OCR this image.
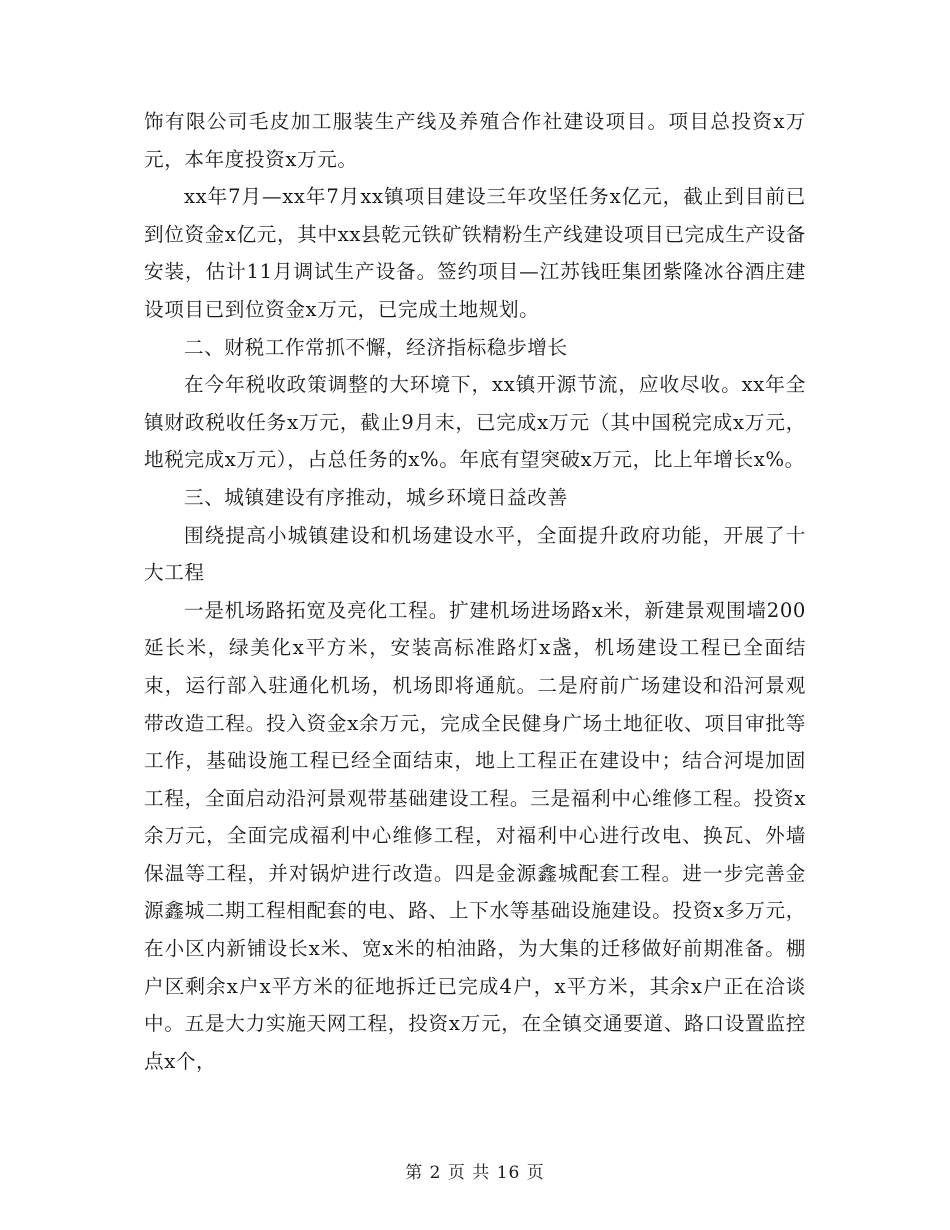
饰有限公司毛皮加工服装生产线及养殖合作社建设项目。项目总投资x万元，本年度投资x万元。

xx年7月—xx年7月xx镇项目建设三年攻坚任务x亿元，截止到目前已到位资金x亿元，其中xx县乾元铁矿铁精粉生产线建设项目已完成生产设备安装，估计11月调试生产设备。签约项目—江苏钱旺集团紫隆冰谷酒庄建设项目已到位资金x万元，已完成土地规划。

二、财税工作常抓不懈，经济指标稳步增长

在今年税收政策调整的大环境下，xx镇开源节流，应收尽收。xx年全镇财政税收任务x万元，截止9月末，已完成x万元（其中国税完成x万元，地税完成x万元），占总任务的x%。年底有望突破x万元，比上年增长x%。

三、城镇建设有序推动，城乡环境日益改善

围绕提高小城镇建设和机场建设水平，全面提升政府功能，开展了十大工程

一是机场路拓宽及亮化工程。扩建机场进场路x米，新建景观围墙200延长米，绿美化x平方米，安装高标准路灯x盏，机场建设工程已全面结束，运行部入驻通化机场，机场即将通航。二是府前广场建设和沿河景观带改造工程。投入资金x余万元，完成全民健身广场土地征收、项目审批等工作，基础设施工程已经全面结束，地上工程正在建设中；结合河堤加固工程，全面启动沿河景观带基础建设工程。三是福利中心维修工程。投资x余万元，全面完成福利中心维修工程，对福利中心进行改电、换瓦、外墙保温等工程，并对锅炉进行改造。四是金源鑫城配套工程。进一步完善金源鑫城二期工程相配套的电、路、上下水等基础设施建设。投资x多万元，在小区内新铺设长x米、宽x米的柏油路，为大集的迁移做好前期准备。棚户区剩余x户x平方米的征地拆迁已完成4户，x平方米，其余x户正在洽谈中。五是大力实施天网工程，投资x万元，在全镇交通要道、路口设置监控点x个，

第 2 页 共 16 页
